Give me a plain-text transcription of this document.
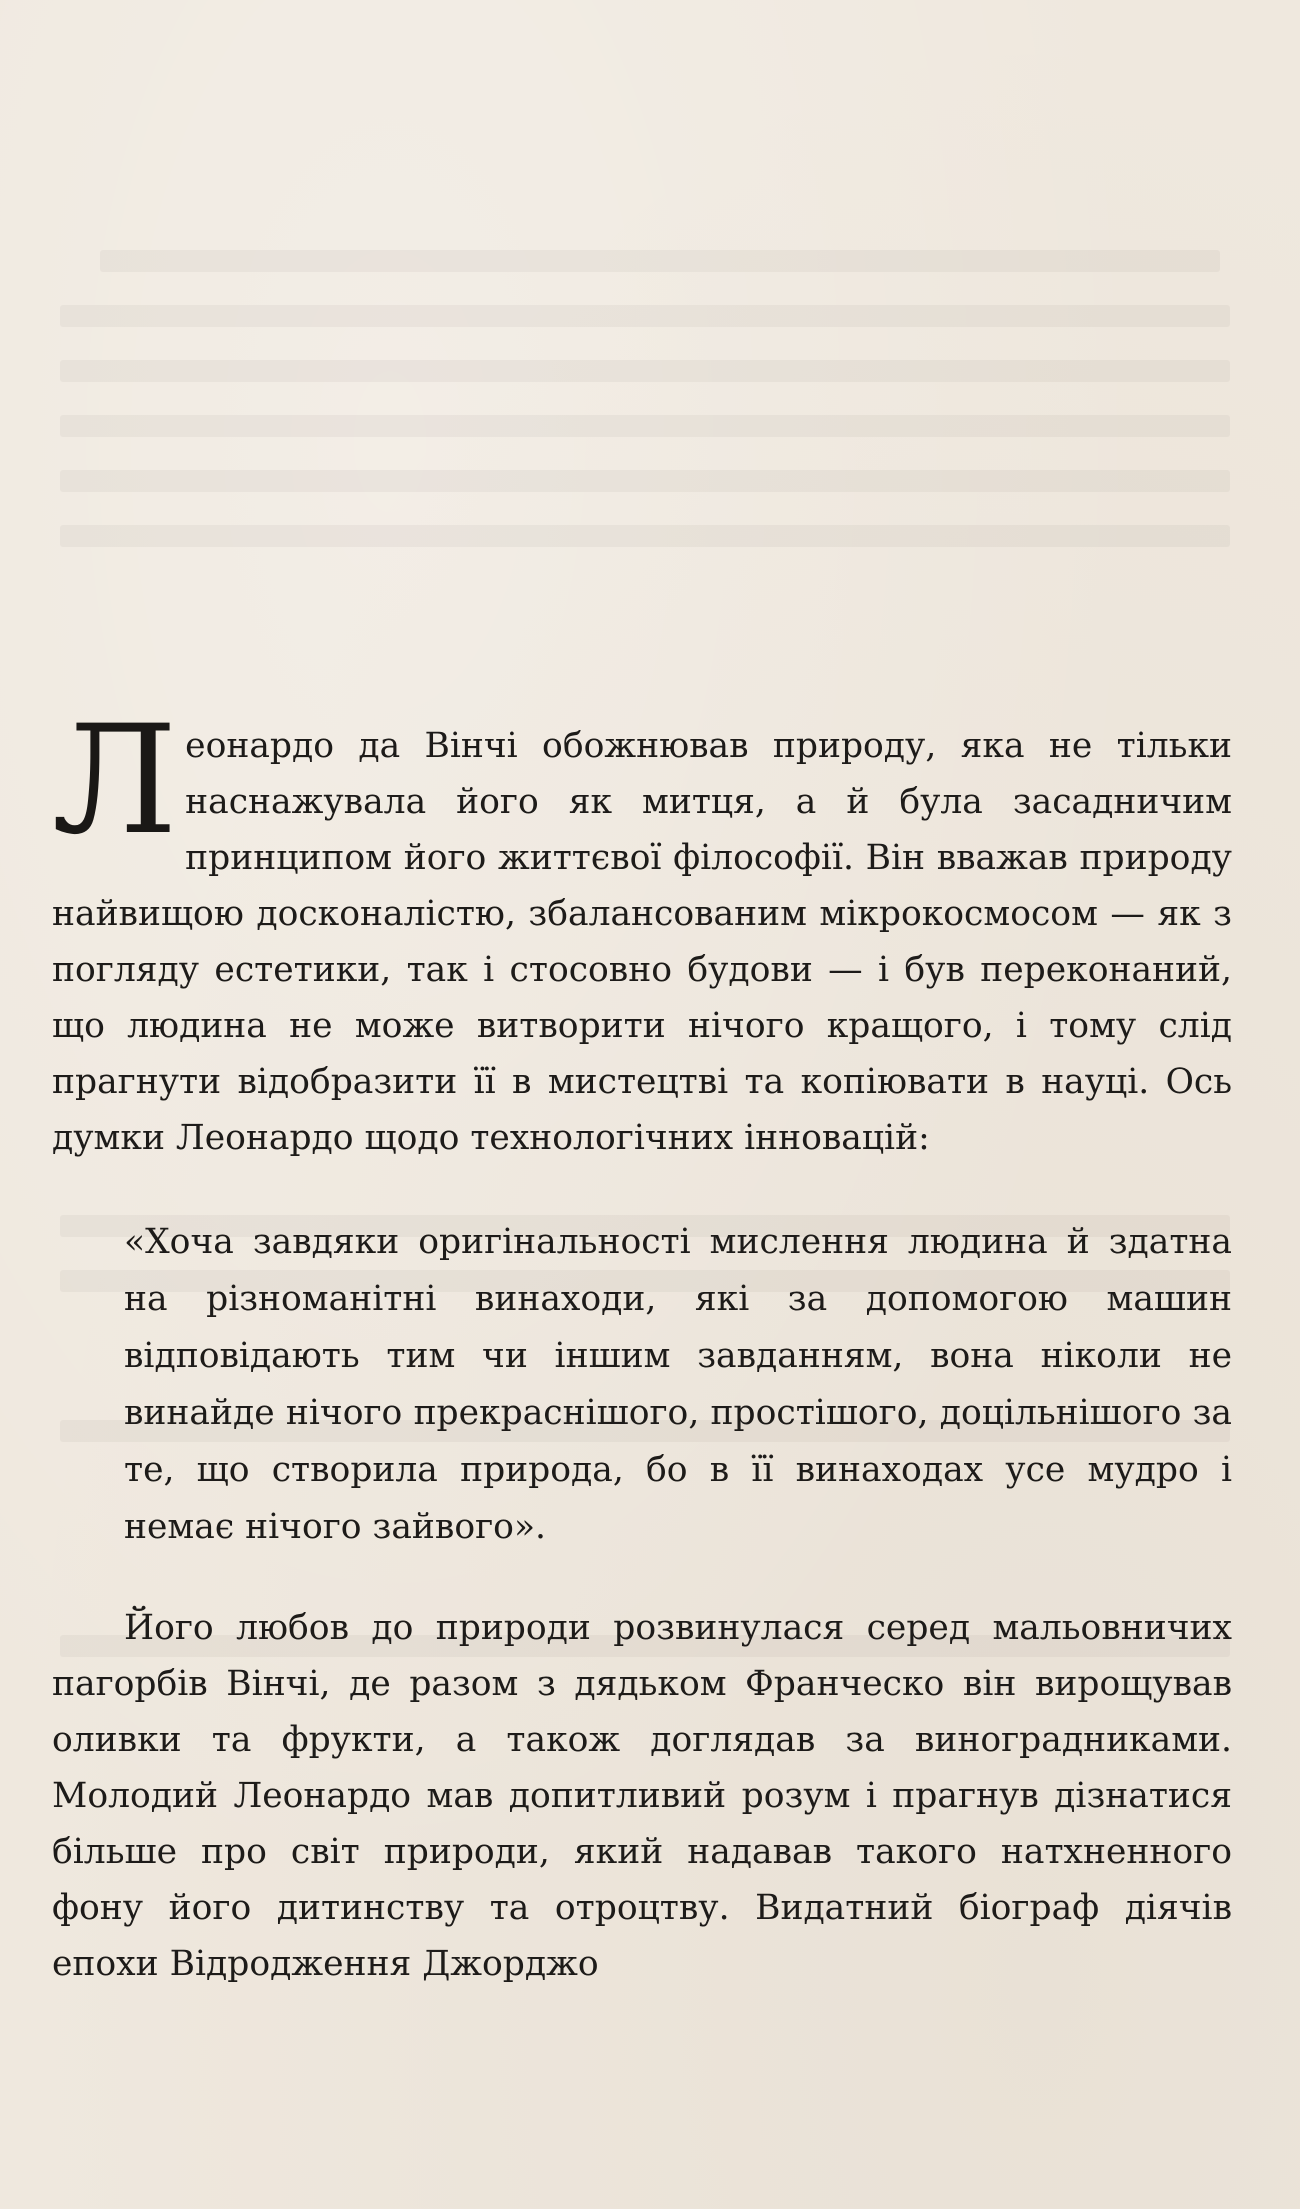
Леонардо да Вінчі обожнював природу, яка не тільки наснажувала його як митця, а й була засадничим принципом його життєвої філософії. Він вважав природу найвищою досконалістю, збалансованим мікрокосмосом — як з погляду естетики, так і стосовно будови — і був переконаний, що людина не може витворити нічого кращого, і тому слід прагнути відобразити її в мистецтві та копіювати в науці. Ось думки Леонардо щодо технологічних інновацій:

«Хоча завдяки оригінальності мислення людина й здатна на різноманітні винаходи, які за допомогою машин відповідають тим чи іншим завданням, вона ніколи не винайде нічого прекраснішого, простішого, доцільнішого за те, що створила природа, бо в її винаходах усе мудро і немає нічого зайвого».

Його любов до природи розвинулася серед мальовничих пагорбів Вінчі, де разом з дядьком Франческо він вирощував оливки та фрукти, а також доглядав за виноградниками. Молодий Леонардо мав допитливий розум і прагнув дізнатися більше про світ природи, який надавав такого натхненного фону його дитинству та отроцтву. Видатний біограф діячів епохи Відродження Джорджо
